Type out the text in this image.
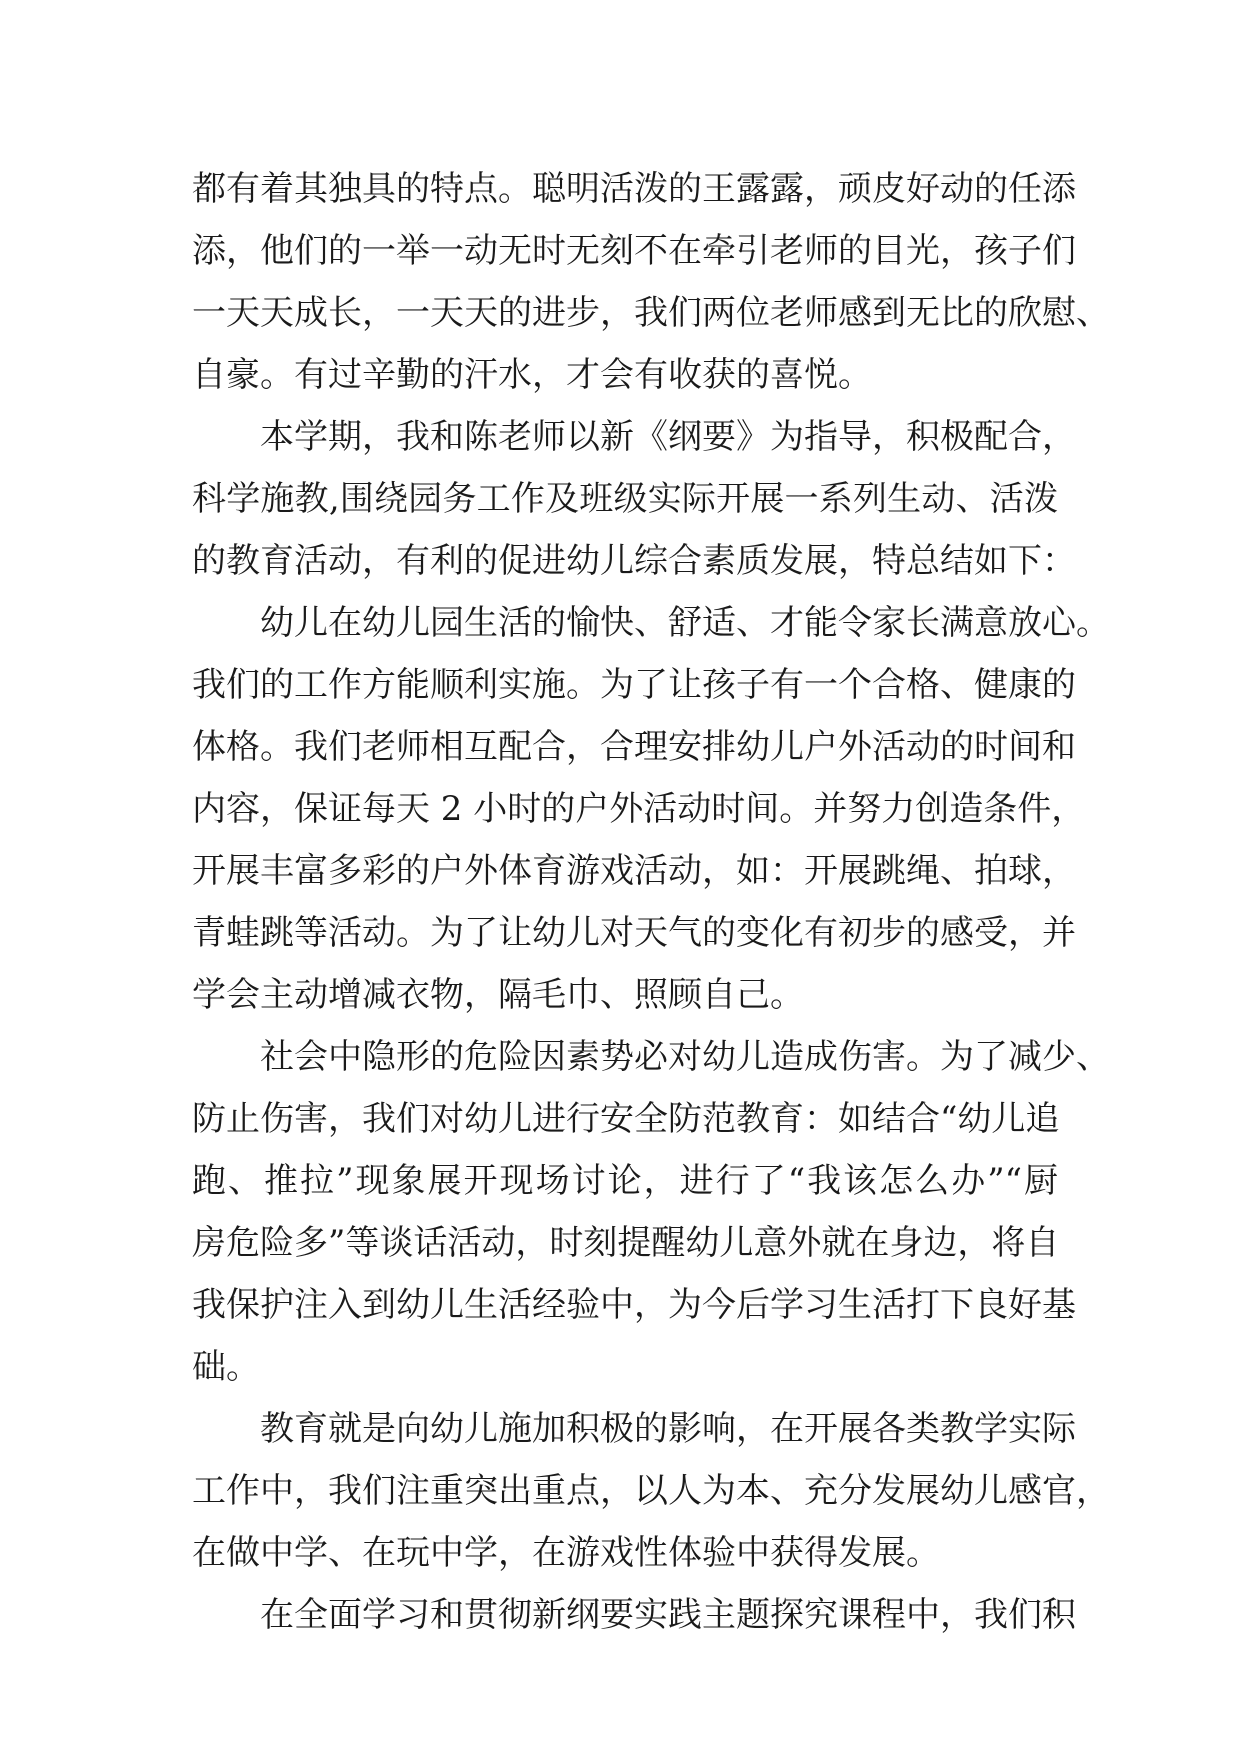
都有着其独具的特点。聪明活泼的王露露，顽皮好动的任添
添，他们的一举一动无时无刻不在牵引老师的目光，孩子们
一天天成长，一天天的进步，我们两位老师感到无比的欣慰、
自豪。有过辛勤的汗水，才会有收获的喜悦。
本学期，我和陈老师以新《纲要》为指导，积极配合，
科学施教,围绕园务工作及班级实际开展一系列生动、活泼
的教育活动，有利的促进幼儿综合素质发展，特总结如下：
幼儿在幼儿园生活的愉快、舒适、才能令家长满意放心。
我们的工作方能顺利实施。为了让孩子有一个合格、健康的
体格。我们老师相互配合，合理安排幼儿户外活动的时间和
内容，保证每天 2 小时的户外活动时间。并努力创造条件，
开展丰富多彩的户外体育游戏活动，如：开展跳绳、拍球，
青蛙跳等活动。为了让幼儿对天气的变化有初步的感受，并
学会主动增减衣物，隔毛巾、照顾自己。
社会中隐形的危险因素势必对幼儿造成伤害。为了减少、
防止伤害，我们对幼儿进行安全防范教育：如结合“幼儿追
跑、推拉”现象展开现场讨论，进行了“我该怎么办”“厨
房危险多”等谈话活动，时刻提醒幼儿意外就在身边，将自
我保护注入到幼儿生活经验中，为今后学习生活打下良好基
础。
教育就是向幼儿施加积极的影响，在开展各类教学实际
工作中，我们注重突出重点，以人为本、充分发展幼儿感官，
在做中学、在玩中学，在游戏性体验中获得发展。
在全面学习和贯彻新纲要实践主题探究课程中，我们积
